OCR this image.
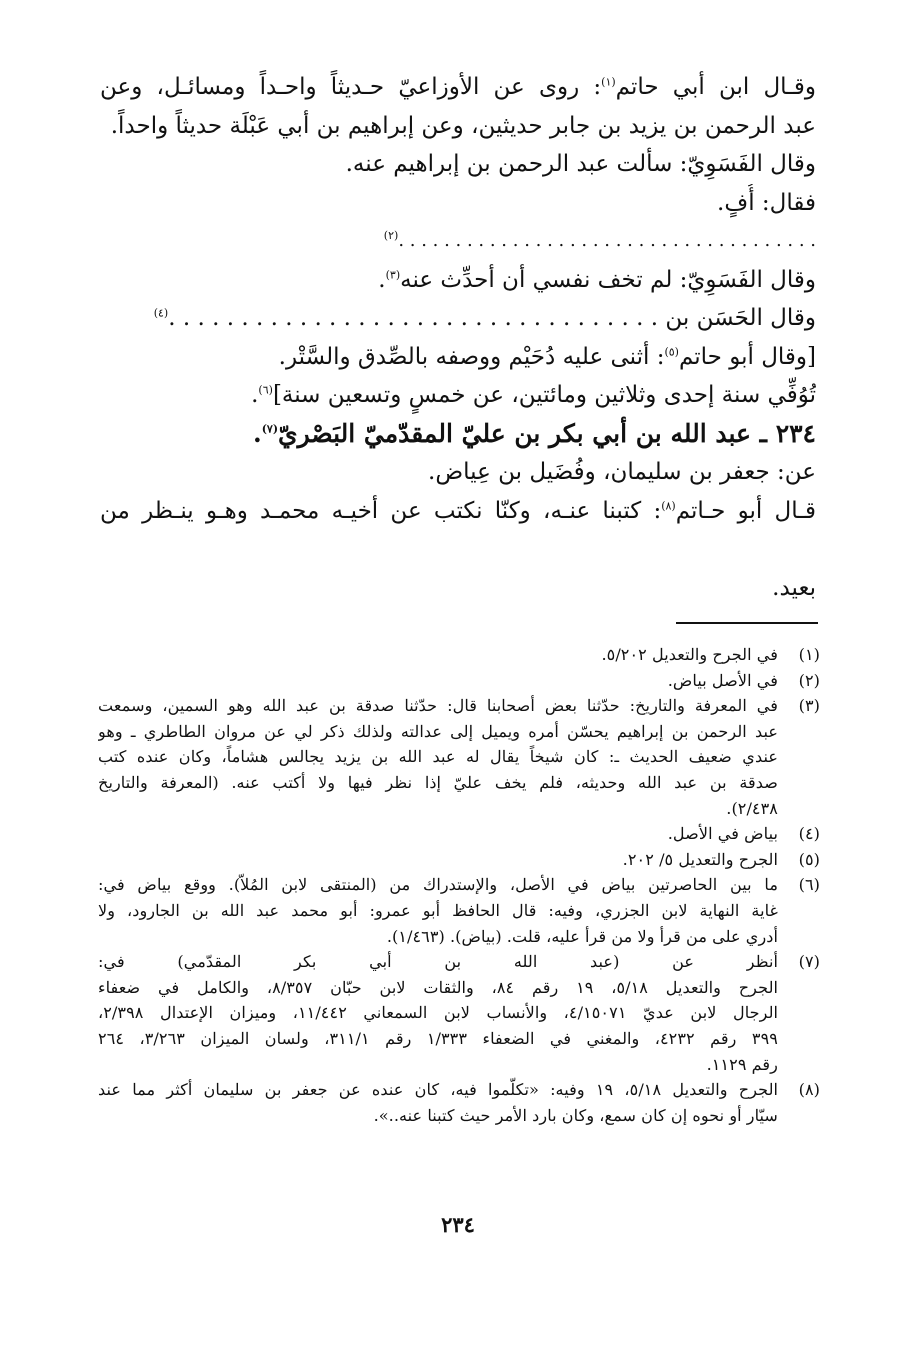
وقـال ابن أبي حاتم$^{(١)}$: روى عن الأوزاعيّ حـديثاً واحـداً ومسائـل، وعن
عبد الرحمن بن يزيد بن جابر حديثين، وعن إبراهيم بن أبي عَبْلَة حديثاً واحداً.
وقال الفَسَوِيّ: سألت عبد الرحمن بن إبراهيم عنه.
فقال: أُفٍ.
. . . . . . . . . . . . . . . . . . . . . . . . . . . . . . . . . . . . .$^{(٢)}$
وقال الفَسَوِيّ: لم تخف نفسي أن أحدِّث عنه$^{(٣)}$.
وقال الحَسَن بن . . . . . . . . . . . . . . . . . . . . . . . . . . . . . . . . . .$^{(٤)}$
[وقال أبو حاتم$^{(٥)}$: أثنى عليه دُحَيْم ووصفه بالصِّدق والسَّتْر.
تُوُفِّي سنة إحدى وثلاثين ومائتين، عن خمسٍ وتسعين سنة]$^{(٦)}$.
٢٣٤ ـ عبد الله بن أبي بكر بن عليّ المقدّميّ البَصْريّ$^{(٧)}$.
عن: جعفر بن سليمان، وفُضَيل بن عِياض.
قـال أبو حـاتم$^{(٨)}$: كتبنا عنـه، وكنّا نكتب عن أخيـه محمـد وهـو ينـظر من
بعيد.
(١)
في الجرح والتعديل ٥/٢٠٢.
(٢)
في الأصل بياض.
(٣)
في المعرفة والتاريخ: حدّثنا بعض أصحابنا قال: حدّثنا صدقة بن عبد الله وهو السمين، وسمعت
عبد الرحمن بن إبراهيم يحسّن أمره ويميل إلى عدالته ولذلك ذكر لي عن مروان الطاطري ـ وهو
عندي ضعيف الحديث ـ: كان شيخاً يقال له عبد الله بن يزيد يجالس هشاماً، وكان عنده كتب
صدقة بن عبد الله وحديثه، فلم يخف عليّ إذا نظر فيها ولا أكتب عنه. (المعرفة والتاريخ
٢/٤٣٨).
(٤)
بياض في الأصل.
(٥)
الجرح والتعديل ٥/ ٢٠٢.
(٦)
ما بين الحاصرتين بياض في الأصل، والإستدراك من (المنتقى لابن المُلاّ). ووقع بياض في:
غاية النهاية لابن الجزري، وفيه: قال الحافظ أبو عمرو: أبو محمد عبد الله بن الجارود، ولا
أدري على من قرأ ولا من قرأ عليه، قلت. (بياض). (١/٤٦٣).
(٧)
أنظر عن (عبد الله بن أبي بكر المقدّمي) في:
الجرح والتعديل ٥/١٨، ١٩ رقم ٨٤، والثقات لابن حبّان ٨/٣٥٧، والكامل في ضعفاء
الرجال لابن عديّ ٤/١٥٠٧١، والأنساب لابن السمعاني ١١/٤٤٢، وميزان الإعتدال ٢/٣٩٨،
٣٩٩ رقم ٤٢٣٢، والمغني في الضعفاء ١/٣٣٣ رقم ٣١١/١، ولسان الميزان ٣/٢٦٣، ٢٦٤
رقم ١١٢٩.
(٨)
الجرح والتعديل ٥/١٨، ١٩ وفيه: «تكلّموا فيه، كان عنده عن جعفر بن سليمان أكثر مما عند
سيّار أو نحوه إن كان سمع، وكان بارد الأمر حيث كتبنا عنه..».
٢٣٤
